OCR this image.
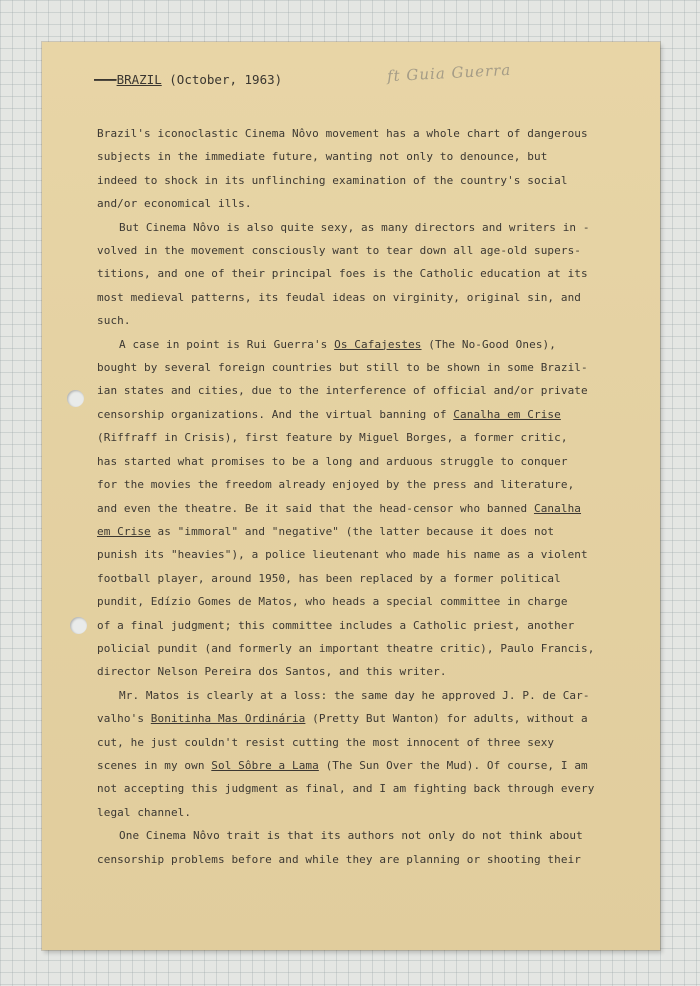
———BRAZIL (October, 1963)	ft Guia Guerra
Brazil's iconoclastic Cinema Nôvo movement has a whole chart of dangerous
subjects in the immediate future, wanting not only to denounce, but
indeed to shock in its unflinching examination of the country's social
and/or economical ills.
But Cinema Nôvo is also quite sexy, as many directors and writers in -
volved in the movement consciously want to tear down all age-old supers-
titions, and one of their principal foes is the Catholic education at its
most medieval patterns, its feudal ideas on virginity, original sin, and
such.
A case in point is Rui Guerra's Os Cafajestes (The No-Good Ones),
bought by several foreign countries but still to be shown in some Brazil-
ian states and cities, due to the interference of official and/or private
censorship organizations. And the virtual banning of Canalha em Crise
(Riffraff in Crisis), first feature by Miguel Borges, a former critic,
has started what promises to be a long and arduous struggle to conquer
for the movies the freedom already enjoyed by the press and literature,
and even the theatre. Be it said that the head-censor who banned Canalha
em Crise as "immoral" and "negative" (the latter because it does not
punish its "heavies"), a police lieutenant who made his name as a violent
football player, around 1950, has been replaced by a former political
pundit, Edízio Gomes de Matos, who heads a special committee in charge
of a final judgment; this committee includes a Catholic priest, another
policial pundit (and formerly an important theatre critic), Paulo Francis,
director Nelson Pereira dos Santos, and this writer.
Mr. Matos is clearly at a loss: the same day he approved J. P. de Car-
valho's Bonitinha Mas Ordinária (Pretty But Wanton) for adults, without a
cut, he just couldn't resist cutting the most innocent of three sexy
scenes in my own Sol Sôbre a Lama (The Sun Over the Mud). Of course, I am
not accepting this judgment as final, and I am fighting back through every
legal channel.
One Cinema Nôvo trait is that its authors not only do not think about
censorship problems before and while they are planning or shooting their
